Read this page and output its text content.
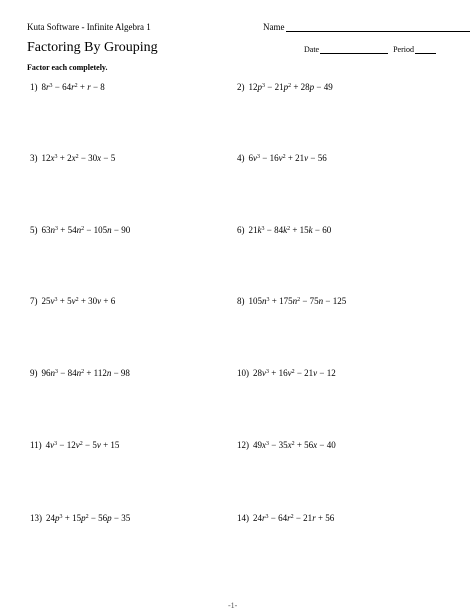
Kuta Software - Infinite Algebra 1	Name
Factoring By Grouping	Date	Period
Factor each completely.
1) $8r^3 - 64r^2 + r - 8$
3) $12x^3 + 2x^2 - 30x - 5$
5) $63n^3 + 54n^2 - 105n - 90$
7) $25v^3 + 5v^2 + 30v + 6$
9) $96n^3 - 84n^2 + 112n - 98$
11) $4v^3 - 12v^2 - 5v + 15$
13) $24p^3 + 15p^2 - 56p - 35$
2) $12p^3 - 21p^2 + 28p - 49$
4) $6v^3 - 16v^2 + 21v - 56$
6) $21k^3 - 84k^2 + 15k - 60$
8) $105n^3 + 175n^2 - 75n - 125$
10) $28v^3 + 16v^2 - 21v - 12$
12) $49x^3 - 35x^2 + 56x - 40$
14) $24r^3 - 64r^2 - 21r + 56$
-1-
